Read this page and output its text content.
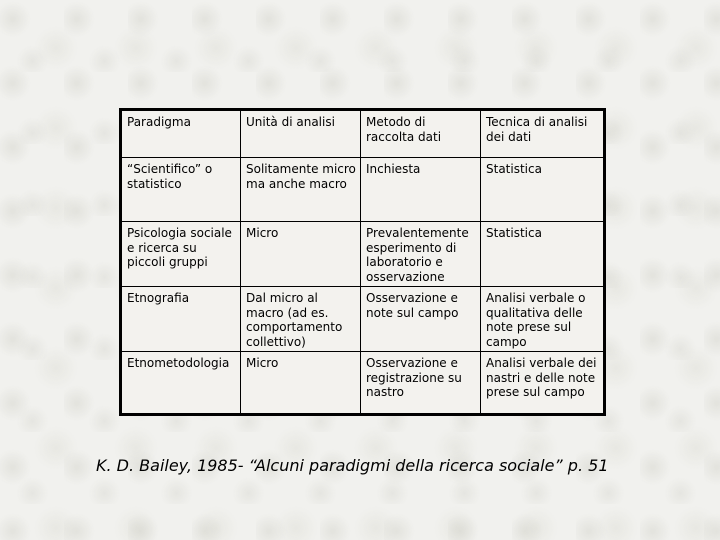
Paradigma	Unità di analisi	Metodo di raccolta dati	Tecnica di analisi dei dati
“Scientifico” o statistico	Solitamente micro ma anche macro	Inchiesta	Statistica
Psicologia sociale e ricerca su piccoli gruppi	Micro	Prevalentemente esperimento di laboratorio e osservazione	Statistica
Etnografia	Dal micro al macro (ad es. comportamento collettivo)	Osservazione e note sul campo	Analisi verbale o qualitativa delle note prese sul campo
Etnometodologia	Micro	Osservazione e registrazione su nastro	Analisi verbale dei nastri e delle note prese sul campo
K. D. Bailey, 1985- “Alcuni paradigmi della ricerca sociale” p. 51
